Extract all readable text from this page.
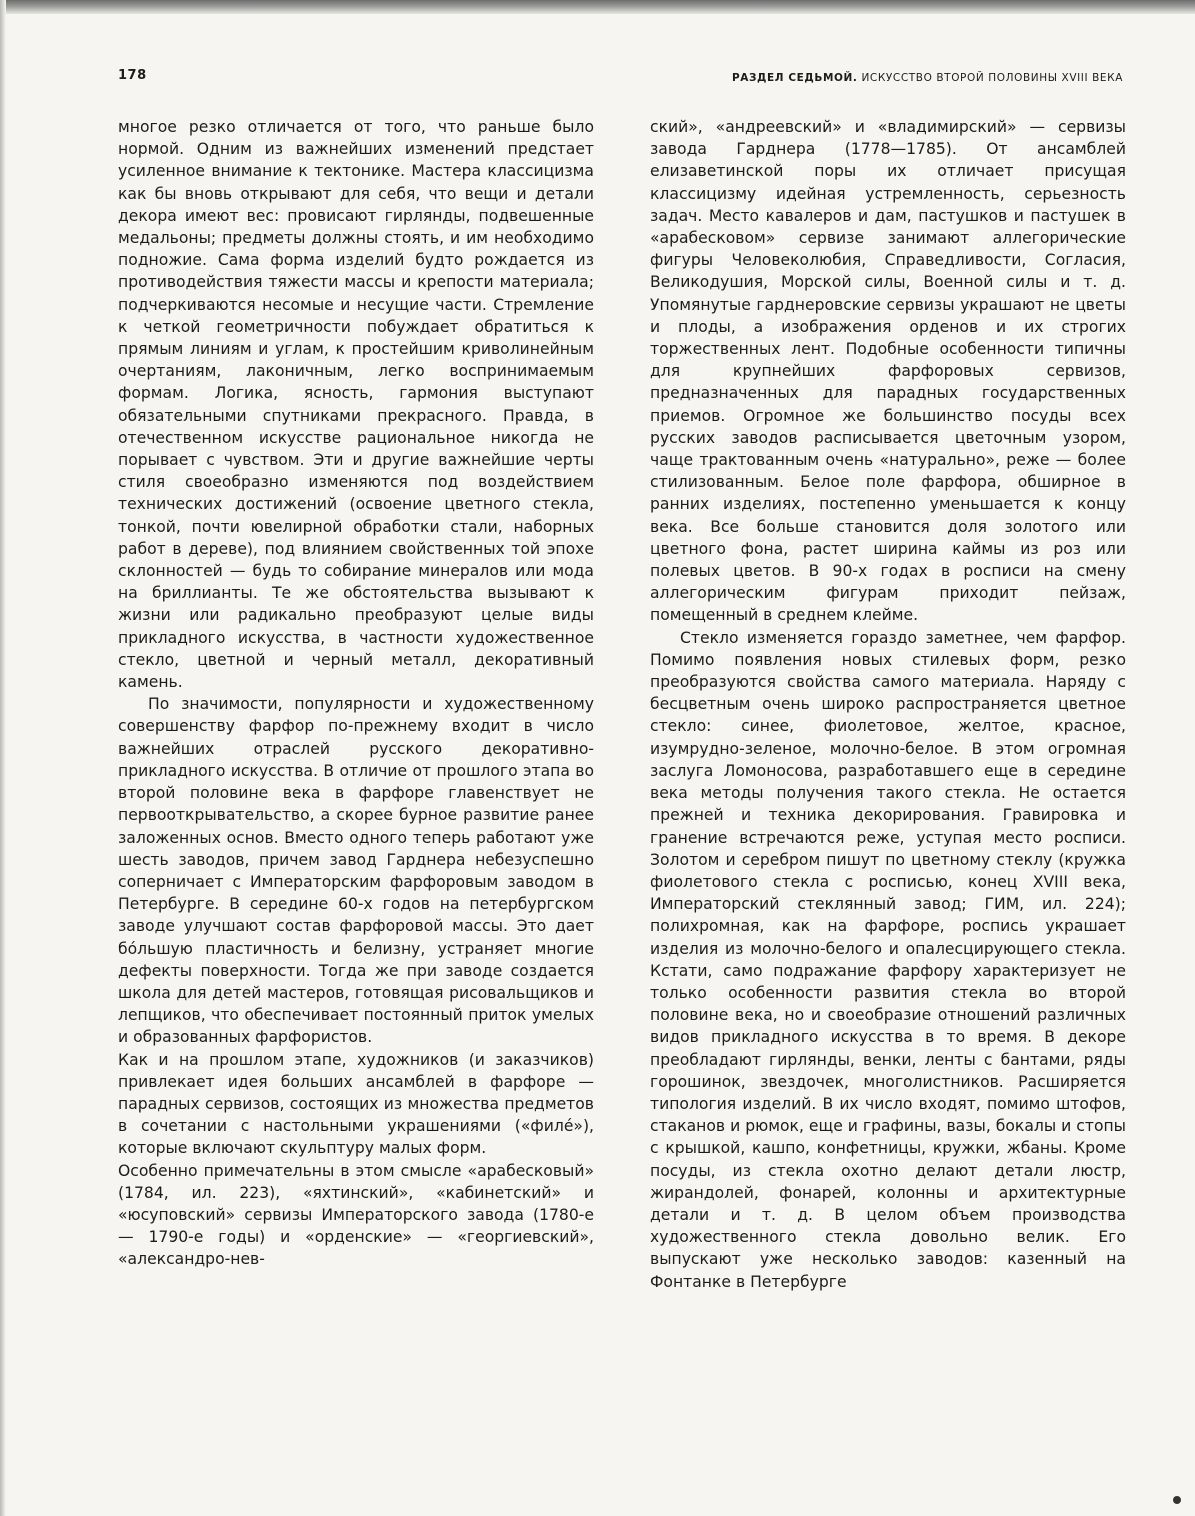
178	РАЗДЕЛ СЕДЬМОЙ. ИСКУССТВО ВТОРОЙ ПОЛОВИНЫ XVIII ВЕКА

многое резко отличается от того, что раньше было нормой. Одним из важнейших изменений предстает усиленное внимание к тектонике. Мастера классицизма как бы вновь открывают для себя, что вещи и детали декора имеют вес: провисают гирлянды, подвешенные медальоны; предметы должны стоять, и им необходимо подножие. Сама форма изделий будто рождается из противодействия тяжести массы и крепости материала; подчеркиваются несомые и несущие части. Стремление к четкой геометричности побуждает обратиться к прямым линиям и углам, к простейшим криволинейным очертаниям, лаконичным, легко воспринимаемым формам. Логика, ясность, гармония выступают обязательными спутниками прекрасного. Правда, в отечественном искусстве рациональное никогда не порывает с чувством. Эти и другие важнейшие черты стиля своеобразно изменяются под воздействием технических достижений (освоение цветного стекла, тонкой, почти ювелирной обработки стали, наборных работ в дереве), под влиянием свойственных той эпохе склонностей — будь то собирание минералов или мода на бриллианты. Те же обстоятельства вызывают к жизни или радикально преобразуют целые виды прикладного искусства, в частности художественное стекло, цветной и черный металл, декоративный камень.

По значимости, популярности и художественному совершенству фарфор по-прежнему входит в число важнейших отраслей русского декоративно-прикладного искусства. В отличие от прошлого этапа во второй половине века в фарфоре главенствует не первооткрывательство, а скорее бурное развитие ранее заложенных основ. Вместо одного теперь работают уже шесть заводов, причем завод Гарднера небезуспешно соперничает с Императорским фарфоровым заводом в Петербурге. В середине 60-х годов на петербургском заводе улучшают состав фарфоровой массы. Это дает бóльшую пластичность и белизну, устраняет многие дефекты поверхности. Тогда же при заводе создается школа для детей мастеров, готовящая рисовальщиков и лепщиков, что обеспечивает постоянный приток умелых и образованных фарфористов.

Как и на прошлом этапе, художников (и заказчиков) привлекает идея больших ансамблей в фарфоре — парадных сервизов, состоящих из множества предметов в сочетании с настольными украшениями («филé»), которые включают скульптуру малых форм.

Особенно примечательны в этом смысле «арабесковый» (1784, ил. 223), «яхтинский», «кабинетский» и «юсуповский» сервизы Императорского завода (1780-е — 1790-е годы) и «орденские» — «георгиевский», «александро-нев-

ский», «андреевский» и «владимирский» — сервизы завода Гарднера (1778—1785). От ансамблей елизаветинской поры их отличает присущая классицизму идейная устремленность, серьезность задач. Место кавалеров и дам, пастушков и пастушек в «арабесковом» сервизе занимают аллегорические фигуры Человеколюбия, Справедливости, Согласия, Великодушия, Морской силы, Военной силы и т. д. Упомянутые гарднеровские сервизы украшают не цветы и плоды, а изображения орденов и их строгих торжественных лент. Подобные особенности типичны для крупнейших фарфоровых сервизов, предназначенных для парадных государственных приемов. Огромное же большинство посуды всех русских заводов расписывается цветочным узором, чаще трактованным очень «натурально», реже — более стилизованным. Белое поле фарфора, обширное в ранних изделиях, постепенно уменьшается к концу века. Все больше становится доля золотого или цветного фона, растет ширина каймы из роз или полевых цветов. В 90-х годах в росписи на смену аллегорическим фигурам приходит пейзаж, помещенный в среднем клейме.

Стекло изменяется гораздо заметнее, чем фарфор. Помимо появления новых стилевых форм, резко преобразуются свойства самого материала. Наряду с бесцветным очень широко распространяется цветное стекло: синее, фиолетовое, желтое, красное, изумрудно-зеленое, молочно-белое. В этом огромная заслуга Ломоносова, разработавшего еще в середине века методы получения такого стекла. Не остается прежней и техника декорирования. Гравировка и гранение встречаются реже, уступая место росписи. Золотом и серебром пишут по цветному стеклу (кружка фиолетового стекла с росписью, конец XVIII века, Императорский стеклянный завод; ГИМ, ил. 224); полихромная, как на фарфоре, роспись украшает изделия из молочно-белого и опалесцирующего стекла. Кстати, само подражание фарфору характеризует не только особенности развития стекла во второй половине века, но и своеобразие отношений различных видов прикладного искусства в то время. В декоре преобладают гирлянды, венки, ленты с бантами, ряды горошинок, звездочек, многолистников. Расширяется типология изделий. В их число входят, помимо штофов, стаканов и рюмок, еще и графины, вазы, бокалы и стопы с крышкой, кашпо, конфетницы, кружки, жбаны. Кроме посуды, из стекла охотно делают детали люстр, жирандолей, фонарей, колонны и архитектурные детали и т. д. В целом объем производства художественного стекла довольно велик. Его выпускают уже несколько заводов: казенный на Фонтанке в Петербурге
